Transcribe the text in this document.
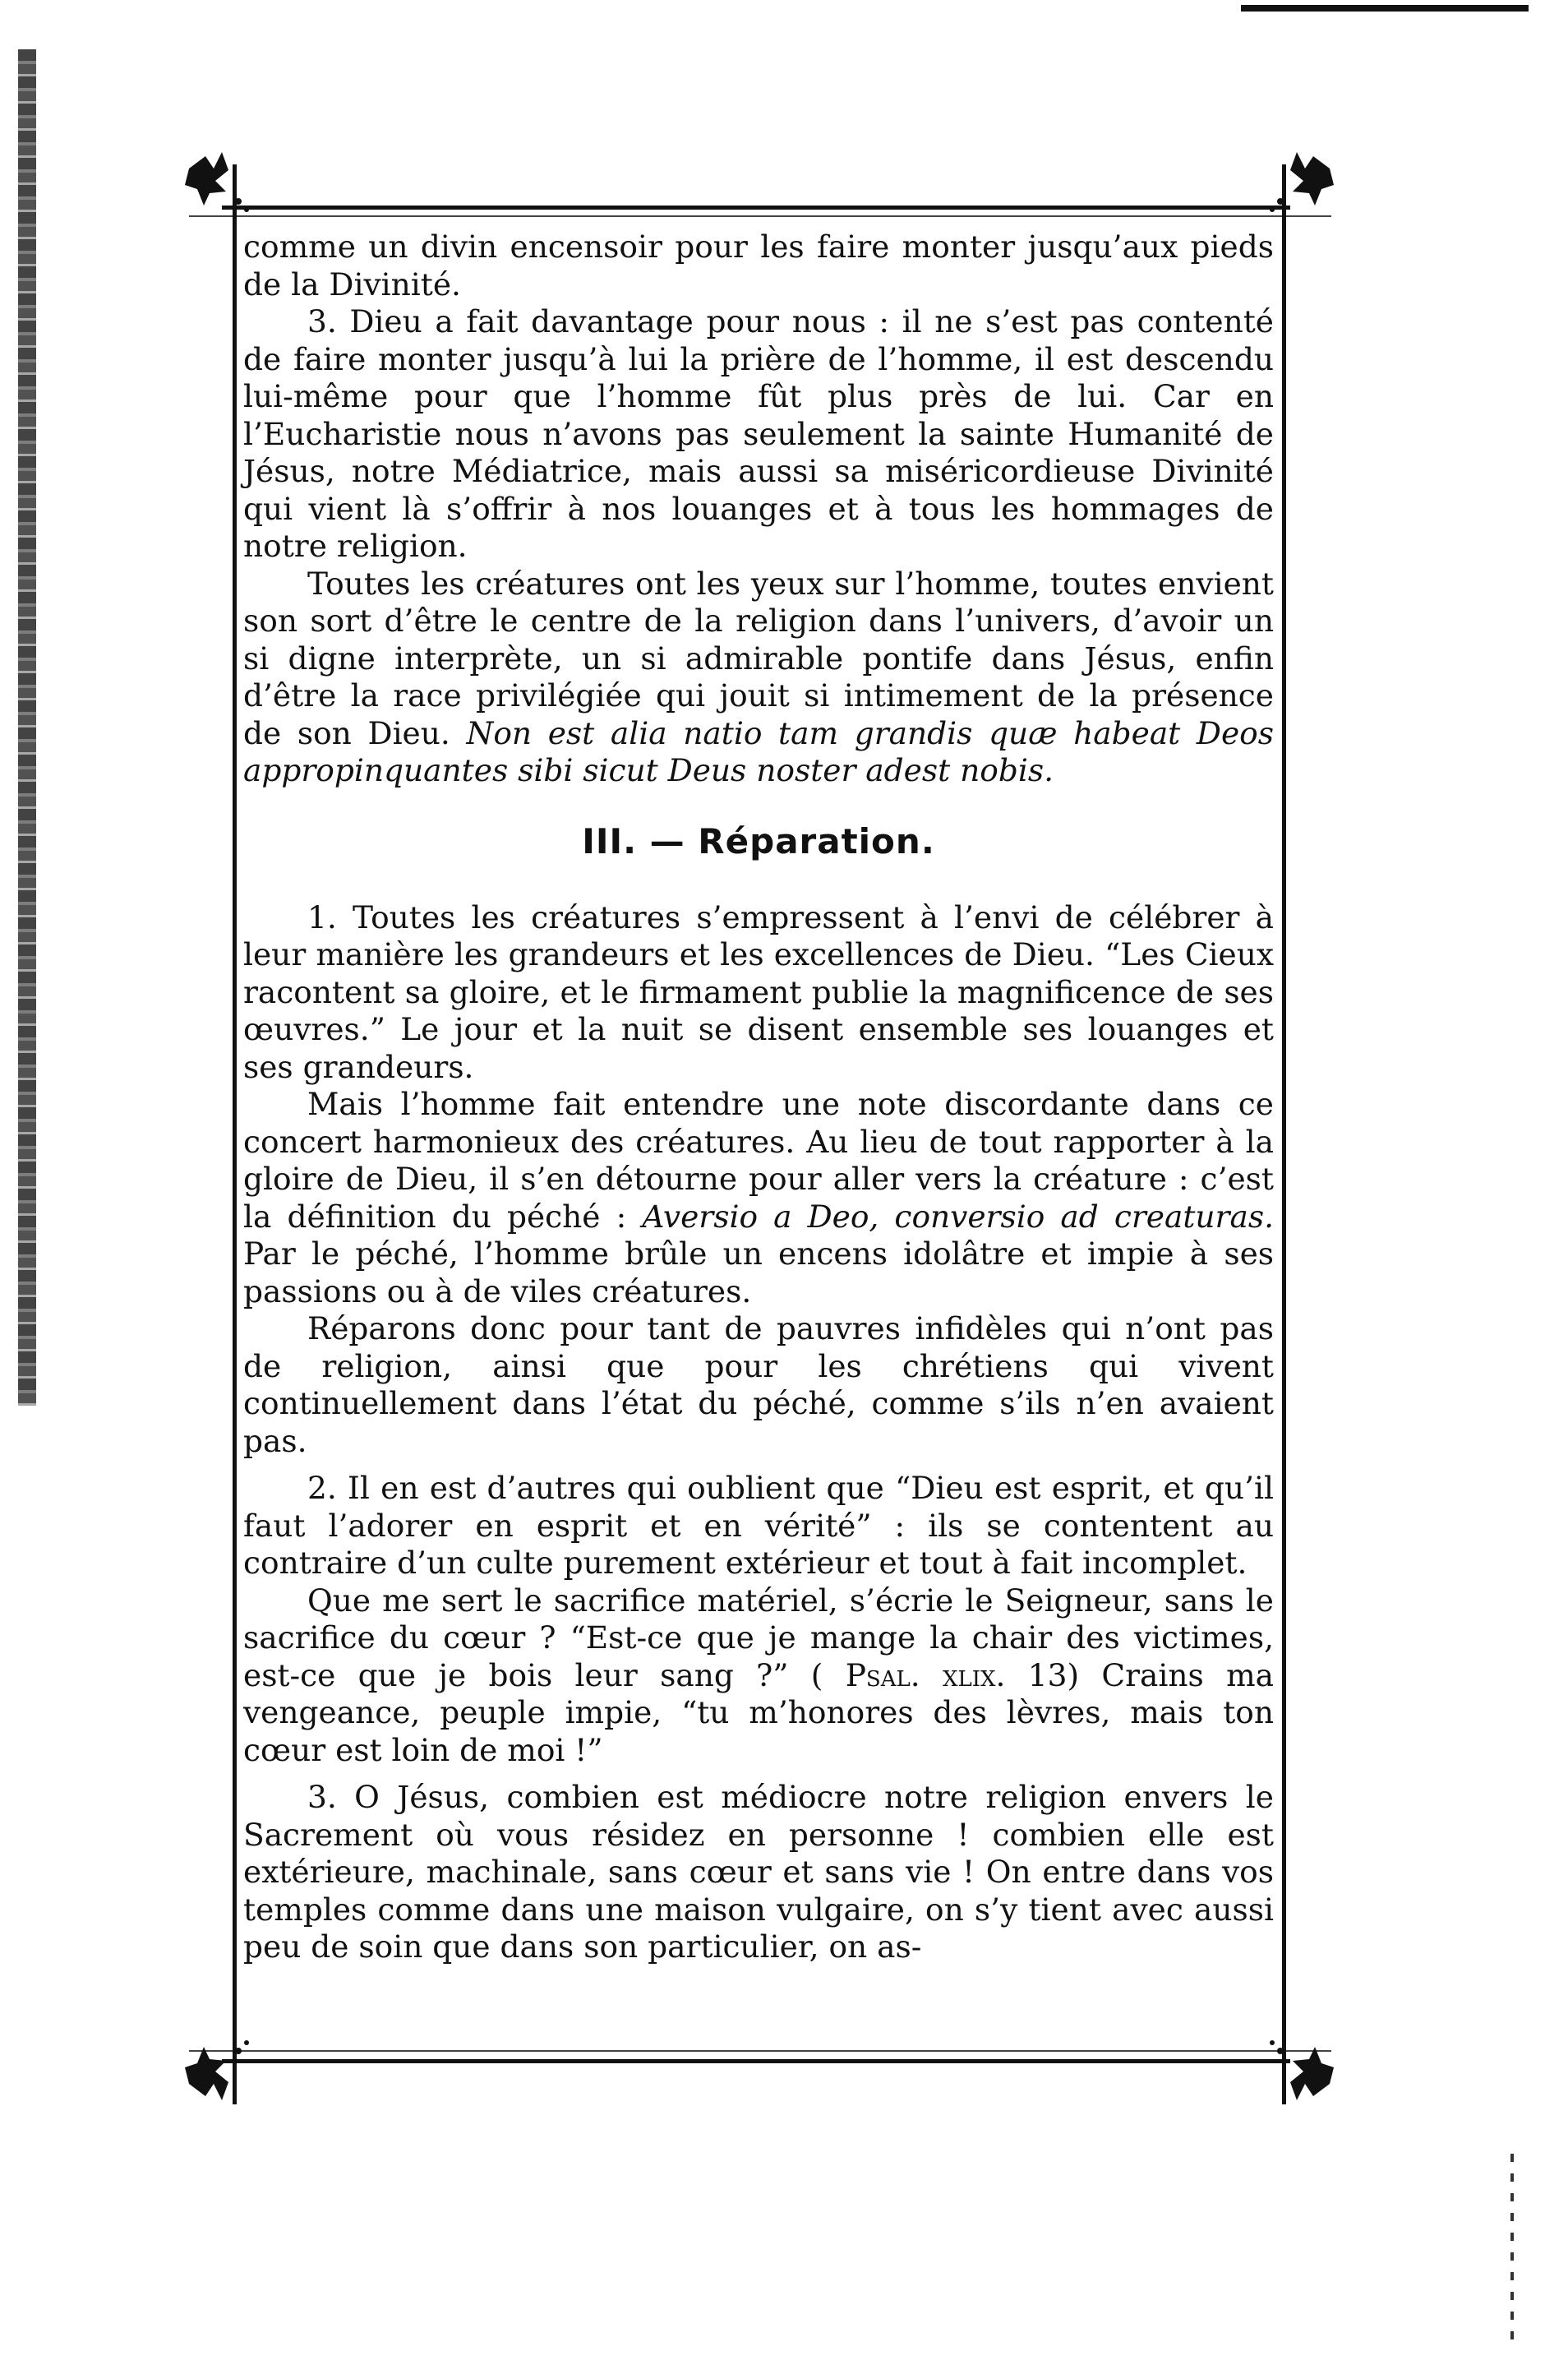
comme un divin encensoir pour les faire monter jusqu’aux pieds de la Divinité.

3. Dieu a fait davantage pour nous : il ne s’est pas contenté de faire monter jusqu’à lui la prière de l’homme, il est descendu lui-même pour que l’homme fût plus près de lui. Car en l’Eucharistie nous n’avons pas seulement la sainte Humanité de Jésus, notre Médiatrice, mais aussi sa miséricordieuse Divinité qui vient là s’offrir à nos louanges et à tous les hommages de notre religion.

Toutes les créatures ont les yeux sur l’homme, toutes envient son sort d’être le centre de la religion dans l’univers, d’avoir un si digne interprète, un si admirable pontife dans Jésus, enfin d’être la race privilégiée qui jouit si intimement de la présence de son Dieu. Non est alia natio tam grandis quæ habeat Deos appropinquantes sibi sicut Deus noster adest nobis.

III. — Réparation.

1. Toutes les créatures s’empressent à l’envi de célébrer à leur manière les grandeurs et les excellences de Dieu. “Les Cieux racontent sa gloire, et le firmament publie la magnificence de ses œuvres.” Le jour et la nuit se disent ensemble ses louanges et ses grandeurs.

Mais l’homme fait entendre une note discordante dans ce concert harmonieux des créatures. Au lieu de tout rapporter à la gloire de Dieu, il s’en détourne pour aller vers la créature : c’est la définition du péché : Aversio a Deo, conversio ad creaturas. Par le péché, l’homme brûle un encens idolâtre et impie à ses passions ou à de viles créatures.

Réparons donc pour tant de pauvres infidèles qui n’ont pas de religion, ainsi que pour les chrétiens qui vivent continuellement dans l’état du péché, comme s’ils n’en avaient pas.

2. Il en est d’autres qui oublient que “Dieu est esprit, et qu’il faut l’adorer en esprit et en vérité” : ils se contentent au contraire d’un culte purement extérieur et tout à fait incomplet.

Que me sert le sacrifice matériel, s’écrie le Seigneur, sans le sacrifice du cœur ? “Est-ce que je mange la chair des victimes, est-ce que je bois leur sang ?” ( Psal. xlix. 13) Crains ma vengeance, peuple impie, “tu m’honores des lèvres, mais ton cœur est loin de moi !”

3. O Jésus, combien est médiocre notre religion envers le Sacrement où vous résidez en personne ! combien elle est extérieure, machinale, sans cœur et sans vie ! On entre dans vos temples comme dans une maison vulgaire, on s’y tient avec aussi peu de soin que dans son particulier, on as-
